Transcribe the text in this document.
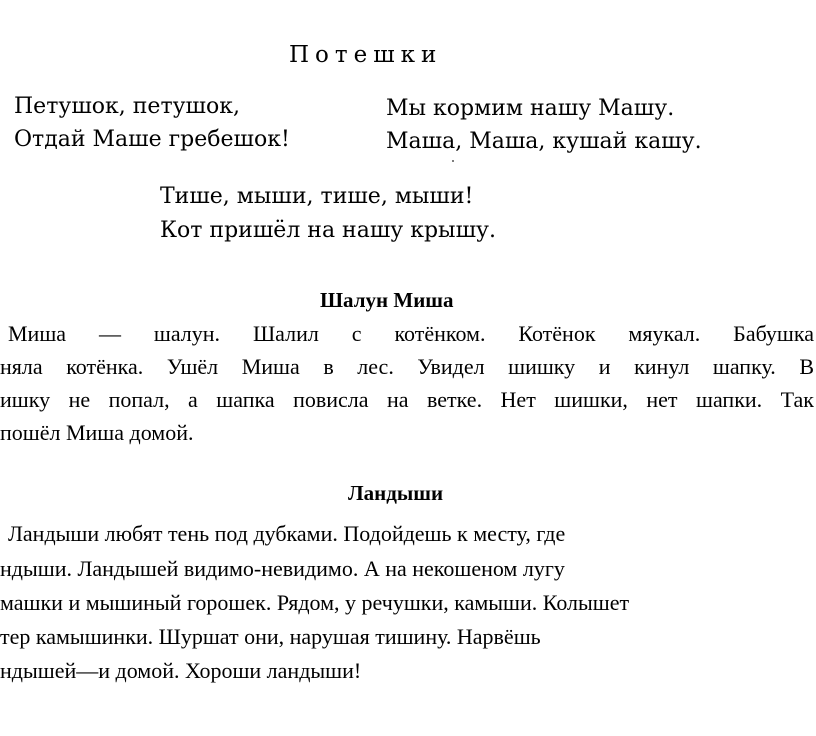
Потешки
Петушок, петушок,
Отдай Маше гребешок!
Мы кормим нашу Машу.
Маша, Маша, кушай кашу.
Тише, мыши, тише, мыши!
Кот пришёл на нашу крышу.
Шалун Миша
Миша — шалун. Шалил с котёнком. Котёнок мяукал. Бабушка
няла котёнка. Ушёл Миша в лес. Увидел шишку и кинул шапку. В
ишку не попал, а шапка повисла на ветке. Нет шишки, нет шапки. Так
пошёл Миша домой.
Ландыши
Ландыши любят тень под дубками. Подойдешь к месту, где
ндыши. Ландышей видимо-невидимо. А на некошеном лугу
машки и мышиный горошек. Рядом, у речушки, камыши. Колышет
тер камышинки. Шуршат они, нарушая тишину. Нарвёшь
ндышей—и домой. Хороши ландыши!
